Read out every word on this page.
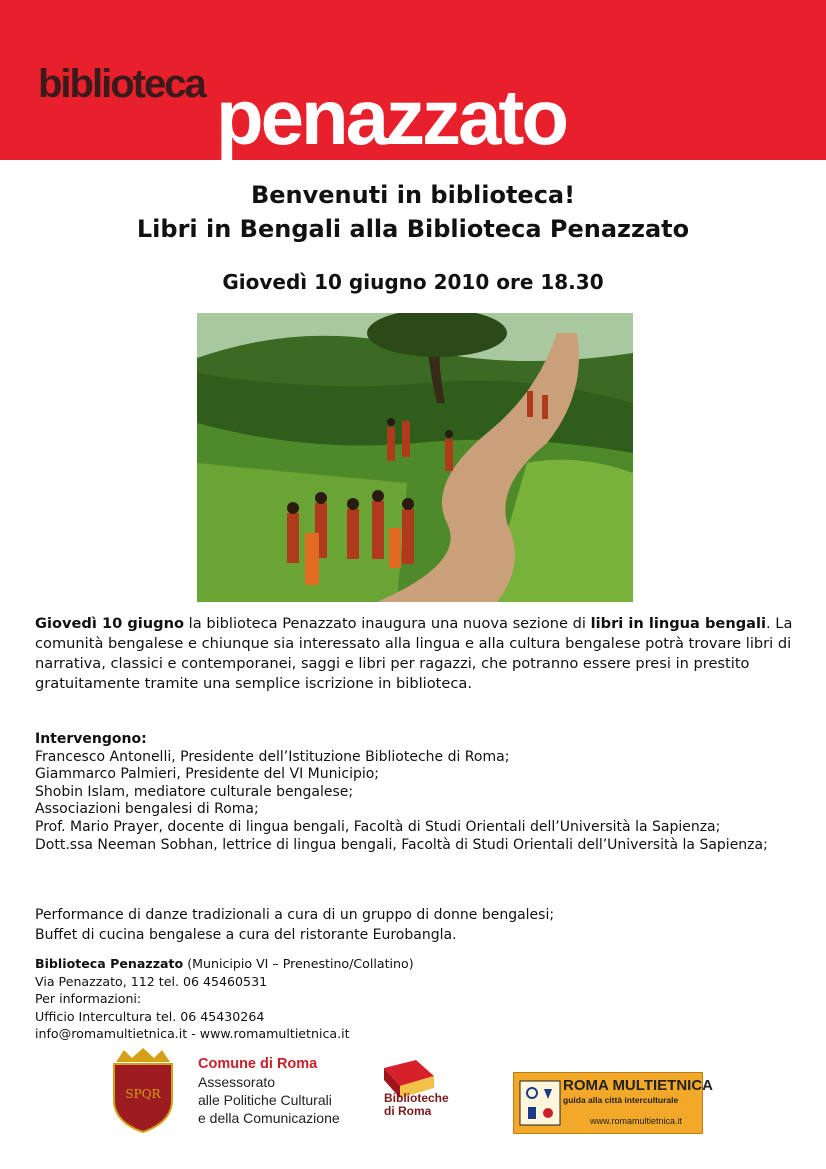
biblioteca penazzato
Benvenuti in biblioteca!
Libri in Bengali alla Biblioteca Penazzato
Giovedì 10 giugno 2010 ore 18.30
Giovedì 10 giugno la biblioteca Penazzato inaugura una nuova sezione di libri in lingua bengali. La comunità bengalese e chiunque sia interessato alla lingua e alla cultura bengalese potrà trovare libri di narrativa, classici e contemporanei, saggi e libri per ragazzi, che potranno essere presi in prestito gratuitamente tramite una semplice iscrizione in biblioteca.
Intervengono:
Francesco Antonelli, Presidente dell’Istituzione Biblioteche di Roma;
Giammarco Palmieri, Presidente del VI Municipio;
Shobin Islam, mediatore culturale bengalese;
Associazioni bengalesi di Roma;
Prof. Mario Prayer, docente di lingua bengali, Facoltà di Studi Orientali dell’Università la Sapienza;
Dott.ssa Neeman Sobhan, lettrice di lingua bengali, Facoltà di Studi Orientali dell’Università la Sapienza;
Performance di danze tradizionali a cura di un gruppo di donne bengalesi;
Buffet di cucina bengalese a cura del ristorante Eurobangla.
Biblioteca Penazzato (Municipio VI – Prenestino/Collatino)
Via Penazzato, 112 tel. 06 45460531
Per informazioni:
Ufficio Intercultura tel. 06 45430264
info@romamultietnica.it - www.romamultietnica.it
SPQR
Comune di Roma
Assessorato
alle Politiche Culturali
e della Comunicazione
Biblioteche
di Roma
ROMA MULTIETNICA
guida alla città interculturale
www.romamultietnica.it
